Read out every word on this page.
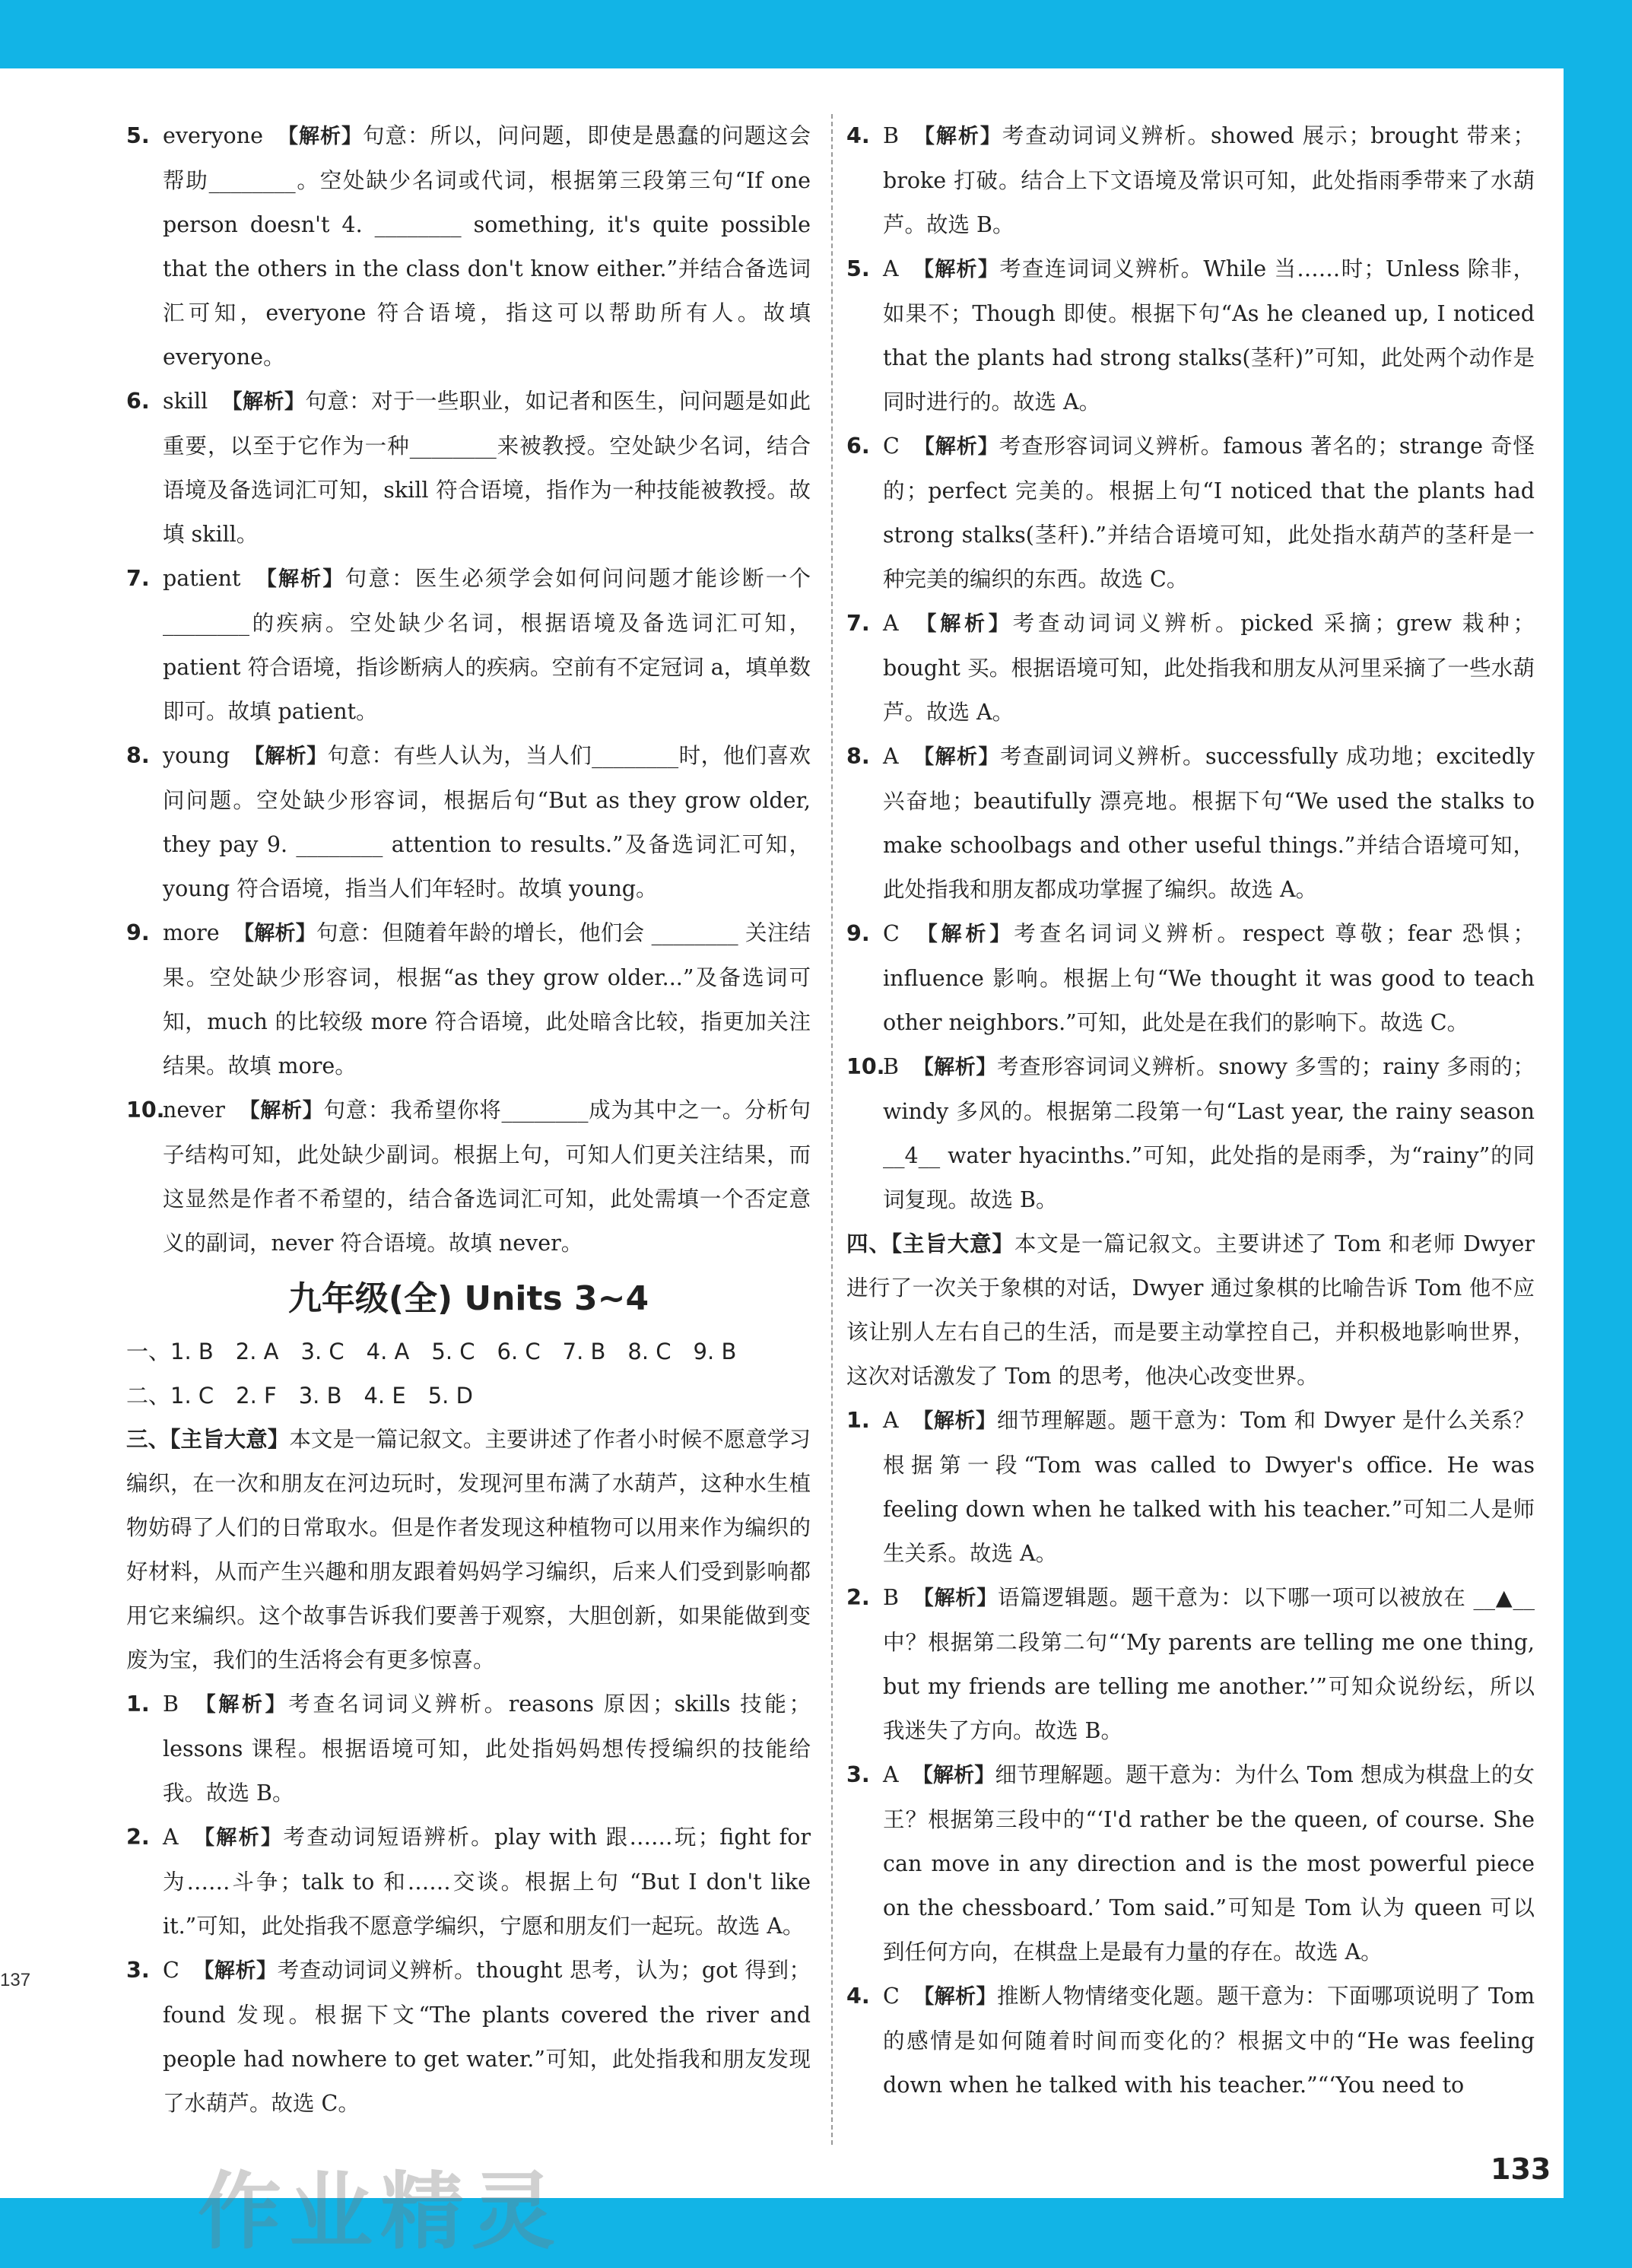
5. everyone 【解析】句意：所以，问问题，即使是愚蠢的问题这会帮助________。空处缺少名词或代词，根据第三段第三句“If one person doesn't 4. ________ something, it's quite possible that the others in the class don't know either.”并结合备选词汇可知，everyone 符合语境，指这可以帮助所有人。故填 everyone。

6. skill 【解析】句意：对于一些职业，如记者和医生，问问题是如此重要，以至于它作为一种________来被教授。空处缺少名词，结合语境及备选词汇可知，skill 符合语境，指作为一种技能被教授。故填 skill。

7. patient 【解析】句意：医生必须学会如何问问题才能诊断一个________的疾病。空处缺少名词，根据语境及备选词汇可知，patient 符合语境，指诊断病人的疾病。空前有不定冠词 a，填单数即可。故填 patient。

8. young 【解析】句意：有些人认为，当人们________时，他们喜欢问问题。空处缺少形容词，根据后句“But as they grow older, they pay 9. ________ attention to results.”及备选词汇可知，young 符合语境，指当人们年轻时。故填 young。

9. more 【解析】句意：但随着年龄的增长，他们会 ________ 关注结果。空处缺少形容词，根据“as they grow older...”及备选词可知，much 的比较级 more 符合语境，此处暗含比较，指更加关注结果。故填 more。

10.
never 【解析】句意：我希望你将________成为其中之一。分析句子结构可知，此处缺少副词。根据上句，可知人们更关注结果，而这显然是作者不希望的，结合备选词汇可知，此处需填一个否定意义的副词，never 符合语境。故填 never。

九年级(全) Units 3~4

一、1. B　2. A　3. C　4. A　5. C　6. C　7. B　8. C　9. B

二、1. C　2. F　3. B　4. E　5. D

三、【主旨大意】本文是一篇记叙文。主要讲述了作者小时候不愿意学习编织，在一次和朋友在河边玩时，发现河里布满了水葫芦，这种水生植物妨碍了人们的日常取水。但是作者发现这种植物可以用来作为编织的好材料，从而产生兴趣和朋友跟着妈妈学习编织，后来人们受到影响都用它来编织。这个故事告诉我们要善于观察，大胆创新，如果能做到变废为宝，我们的生活将会有更多惊喜。

1. B 【解析】考查名词词义辨析。reasons 原因；skills 技能；lessons 课程。根据语境可知，此处指妈妈想传授编织的技能给我。故选 B。

2. A 【解析】考查动词短语辨析。play with 跟……玩；fight for 为……斗争；talk to 和……交谈。根据上句 “But I don't like it.”可知，此处指我不愿意学编织，宁愿和朋友们一起玩。故选 A。

3. C 【解析】考查动词词义辨析。thought 思考，认为；got 得到；found 发现。根据下文“The plants covered the river and people had nowhere to get water.”可知，此处指我和朋友发现了水葫芦。故选 C。

4. B 【解析】考查动词词义辨析。showed 展示；brought 带来；broke 打破。结合上下文语境及常识可知，此处指雨季带来了水葫芦。故选 B。

5. A 【解析】考查连词词义辨析。While 当……时；Unless 除非，如果不；Though 即使。根据下句“As he cleaned up, I noticed that the plants had strong stalks(茎秆)”可知，此处两个动作是同时进行的。故选 A。

6. C 【解析】考查形容词词义辨析。famous 著名的；strange 奇怪的；perfect 完美的。根据上句“I noticed that the plants had strong stalks(茎秆).”并结合语境可知，此处指水葫芦的茎秆是一种完美的编织的东西。故选 C。

7. A 【解析】考查动词词义辨析。picked 采摘；grew 栽种；bought 买。根据语境可知，此处指我和朋友从河里采摘了一些水葫芦。故选 A。

8. A 【解析】考查副词词义辨析。successfully 成功地；excitedly 兴奋地；beautifully 漂亮地。根据下句“We used the stalks to make schoolbags and other useful things.”并结合语境可知，此处指我和朋友都成功掌握了编织。故选 A。

9. C 【解析】考查名词词义辨析。respect 尊敬；fear 恐惧；influence 影响。根据上句“We thought it was good to teach other neighbors.”可知，此处是在我们的影响下。故选 C。

10.
B 【解析】考查形容词词义辨析。snowy 多雪的；rainy 多雨的；windy 多风的。根据第二段第一句“Last year, the rainy season __4__ water hyacinths.”可知，此处指的是雨季，为“rainy”的同词复现。故选 B。

四、【主旨大意】本文是一篇记叙文。主要讲述了 Tom 和老师 Dwyer 进行了一次关于象棋的对话，Dwyer 通过象棋的比喻告诉 Tom 他不应该让别人左右自己的生活，而是要主动掌控自己，并积极地影响世界，这次对话激发了 Tom 的思考，他决心改变世界。

1. A 【解析】细节理解题。题干意为：Tom 和 Dwyer 是什么关系？根据第一段“Tom was called to Dwyer's office. He was feeling down when he talked with his teacher.”可知二人是师生关系。故选 A。

2. B 【解析】语篇逻辑题。题干意为：以下哪一项可以被放在 __▲__ 中？根据第二段第二句“‘My parents are telling me one thing, but my friends are telling me another.’”可知众说纷纭，所以我迷失了方向。故选 B。

3. A 【解析】细节理解题。题干意为：为什么 Tom 想成为棋盘上的女王？根据第三段中的“‘I'd rather be the queen, of course. She can move in any direction and is the most powerful piece on the chessboard.’ Tom said.”可知是 Tom 认为 queen 可以到任何方向，在棋盘上是最有力量的存在。故选 A。

4. C 【解析】推断人物情绪变化题。题干意为：下面哪项说明了 Tom 的感情是如何随着时间而变化的？根据文中的“He was feeling down when he talked with his teacher.”“‘You need to

137
133
作业精灵
